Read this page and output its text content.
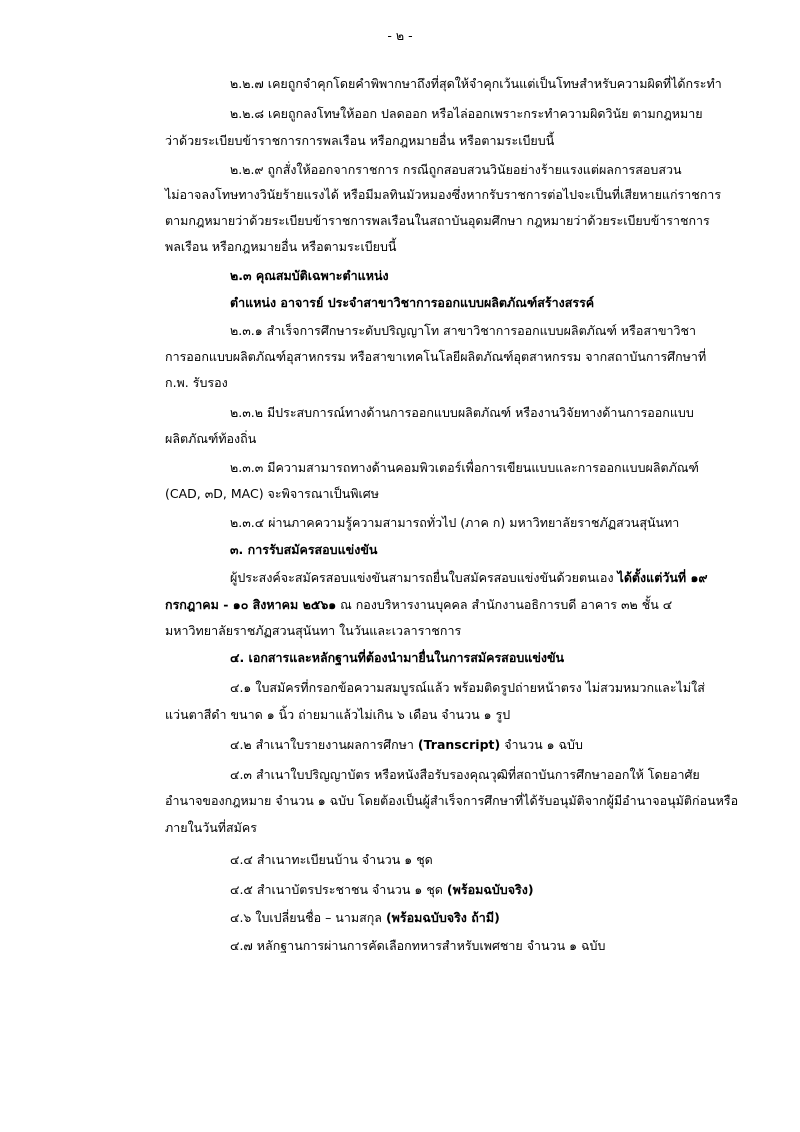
- ๒ -
๒.๒.๗ เคยถูกจำคุกโดยคำพิพากษาถึงที่สุดให้จำคุกเว้นแต่เป็นโทษสำหรับความผิดที่ได้กระทำ
๒.๒.๘ เคยถูกลงโทษให้ออก ปลดออก หรือไล่ออกเพราะกระทำความผิดวินัย ตามกฎหมาย
ว่าด้วยระเบียบข้าราชการการพลเรือน หรือกฎหมายอื่น หรือตามระเบียบนี้
๒.๒.๙ ถูกสั่งให้ออกจากราชการ กรณีถูกสอบสวนวินัยอย่างร้ายแรงแต่ผลการสอบสวน
ไม่อาจลงโทษทางวินัยร้ายแรงได้ หรือมีมลทินมัวหมองซึ่งหากรับราชการต่อไปจะเป็นที่เสียหายแก่ราชการ
ตามกฎหมายว่าด้วยระเบียบข้าราชการพลเรือนในสถาบันอุดมศึกษา กฎหมายว่าด้วยระเบียบข้าราชการ
พลเรือน หรือกฎหมายอื่น หรือตามระเบียบนี้
๒.๓ คุณสมบัติเฉพาะตำแหน่ง
ตำแหน่ง อาจารย์ ประจำสาขาวิชาการออกแบบผลิตภัณฑ์สร้างสรรค์
๒.๓.๑ สำเร็จการศึกษาระดับปริญญาโท สาขาวิชาการออกแบบผลิตภัณฑ์ หรือสาขาวิชา
การออกแบบผลิตภัณฑ์อุสาหกรรม หรือสาขาเทคโนโลยีผลิตภัณฑ์อุตสาหกรรม จากสถาบันการศึกษาที่
ก.พ. รับรอง
๒.๓.๒ มีประสบการณ์ทางด้านการออกแบบผลิตภัณฑ์ หรืองานวิจัยทางด้านการออกแบบ
ผลิตภัณฑ์ท้องถิ่น
๒.๓.๓ มีความสามารถทางด้านคอมพิวเตอร์เพื่อการเขียนแบบและการออกแบบผลิตภัณฑ์
(CAD, ๓D, MAC) จะพิจารณาเป็นพิเศษ
๒.๓.๔ ผ่านภาคความรู้ความสามารถทั่วไป (ภาค ก) มหาวิทยาลัยราชภัฏสวนสุนันทา
๓. การรับสมัครสอบแข่งขัน
ผู้ประสงค์จะสมัครสอบแข่งขันสามารถยื่นใบสมัครสอบแข่งขันด้วยตนเอง ได้ตั้งแต่วันที่ ๑๙
กรกฎาคม - ๑๐ สิงหาคม ๒๕๖๑ ณ กองบริหารงานบุคคล สำนักงานอธิการบดี อาคาร ๓๒ ชั้น ๔
มหาวิทยาลัยราชภัฏสวนสุนันทา ในวันและเวลาราชการ
๔. เอกสารและหลักฐานที่ต้องนำมายื่นในการสมัครสอบแข่งขัน
๔.๑ ใบสมัครที่กรอกข้อความสมบูรณ์แล้ว พร้อมติดรูปถ่ายหน้าตรง ไม่สวมหมวกและไม่ใส่
แว่นตาสีดำ ขนาด ๑ นิ้ว ถ่ายมาแล้วไม่เกิน ๖ เดือน จำนวน ๑ รูป
๔.๒ สำเนาใบรายงานผลการศึกษา (Transcript) จำนวน ๑ ฉบับ
๔.๓ สำเนาใบปริญญาบัตร หรือหนังสือรับรองคุณวุฒิที่สถาบันการศึกษาออกให้ โดยอาศัย
อำนาจของกฎหมาย จำนวน ๑ ฉบับ โดยต้องเป็นผู้สำเร็จการศึกษาที่ได้รับอนุมัติจากผู้มีอำนาจอนุมัติก่อนหรือ
ภายในวันที่สมัคร
๔.๔ สำเนาทะเบียนบ้าน จำนวน ๑ ชุด
๔.๕ สำเนาบัตรประชาชน จำนวน ๑ ชุด (พร้อมฉบับจริง)
๔.๖ ใบเปลี่ยนชื่อ – นามสกุล (พร้อมฉบับจริง ถ้ามี)
๔.๗ หลักฐานการผ่านการคัดเลือกทหารสำหรับเพศชาย จำนวน ๑ ฉบับ
